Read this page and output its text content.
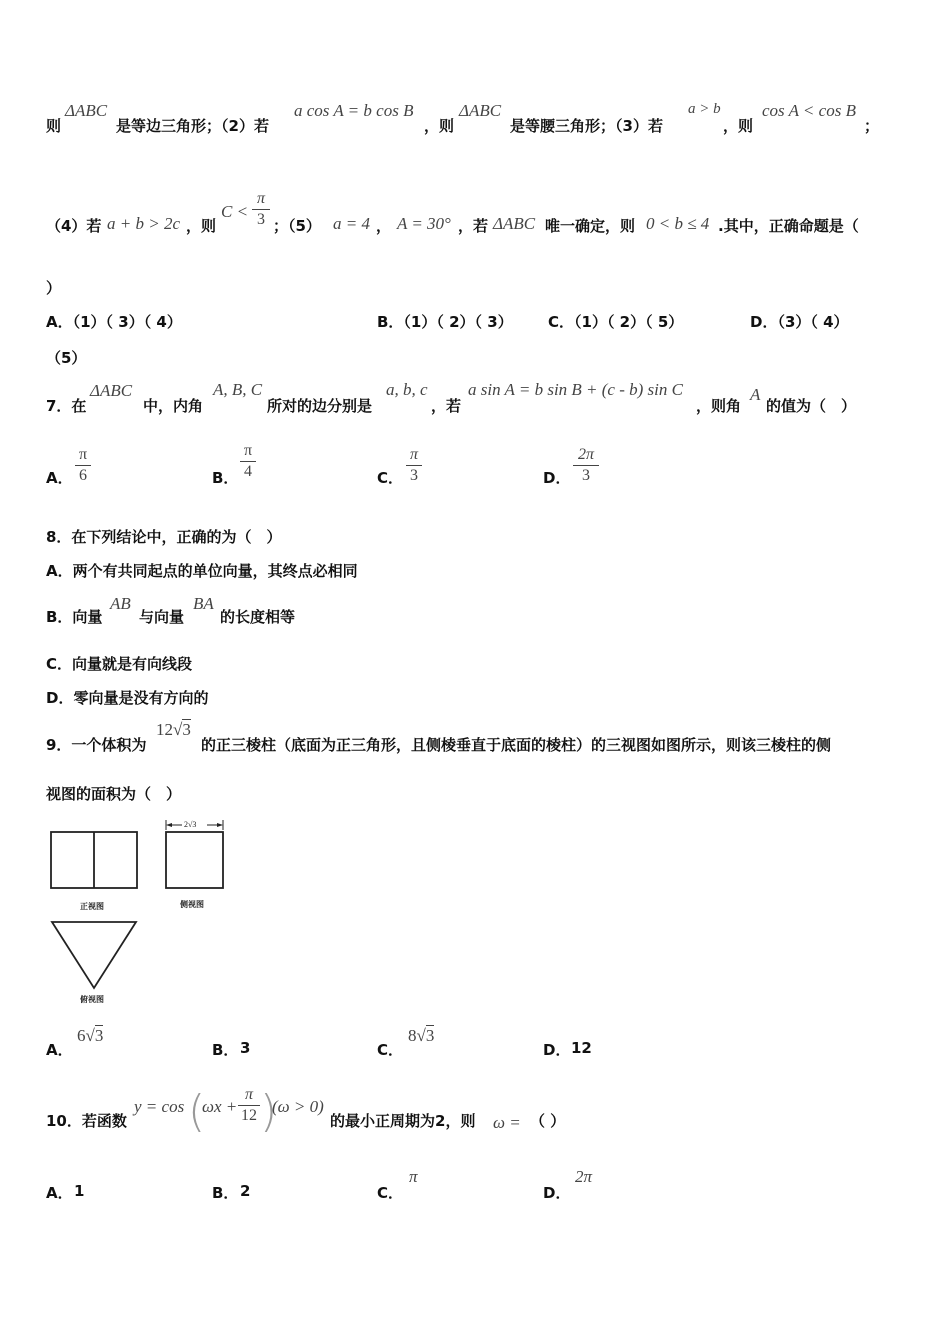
则
ΔABC
是等边三角形；（2）若
a cos A = b cos B
，则
ΔABC
是等腰三角形；（3）若
a > b
，则
cos A < cos B
；
（4）若 a + b > 2c ，则
C <
π
3 ；（5） a = 4 ， A = 30° ，若 ΔABC 唯一确定，则 0 < b ≤ 4 .其中，正确命题是（
）
A．（1）（ 3）（ 4）	B．（1）（ 2）（ 3） C．（1）（ 2）（ 5）	D．（3）（ 4）
（5）
7．在
ΔABC
中，内角
A, B, C
所对的边分别是
a, b, c
，若
a sin A = b sin B + (c - b) sin C
，则角
A
的值为（　）
A．
π
6	B．
π
4	C．
π
3	D．
2π
3
8．在下列结论中，正确的为（　）
A．两个有共同起点的单位向量，其终点必相同
B．向量
AB
与向量
BA
的长度相等
C．向量就是有向线段
D．零向量是没有方向的
9．一个体积为
12√3
的正三棱柱（底面为正三角形，且侧棱垂直于底面的棱柱）的三视图如图所示，则该三棱柱的侧
视图的面积为（　）
2√3
正视图	侧视图
俯视图
A．
6√3
B． 3	C．
8√3
D． 12
10．若函数
y = cos (
ωx +
π
12 )
(ω > 0)
的最小正周期为2，则 ω = （ ）
A． 1	B． 2	C．
π
D．
2π
